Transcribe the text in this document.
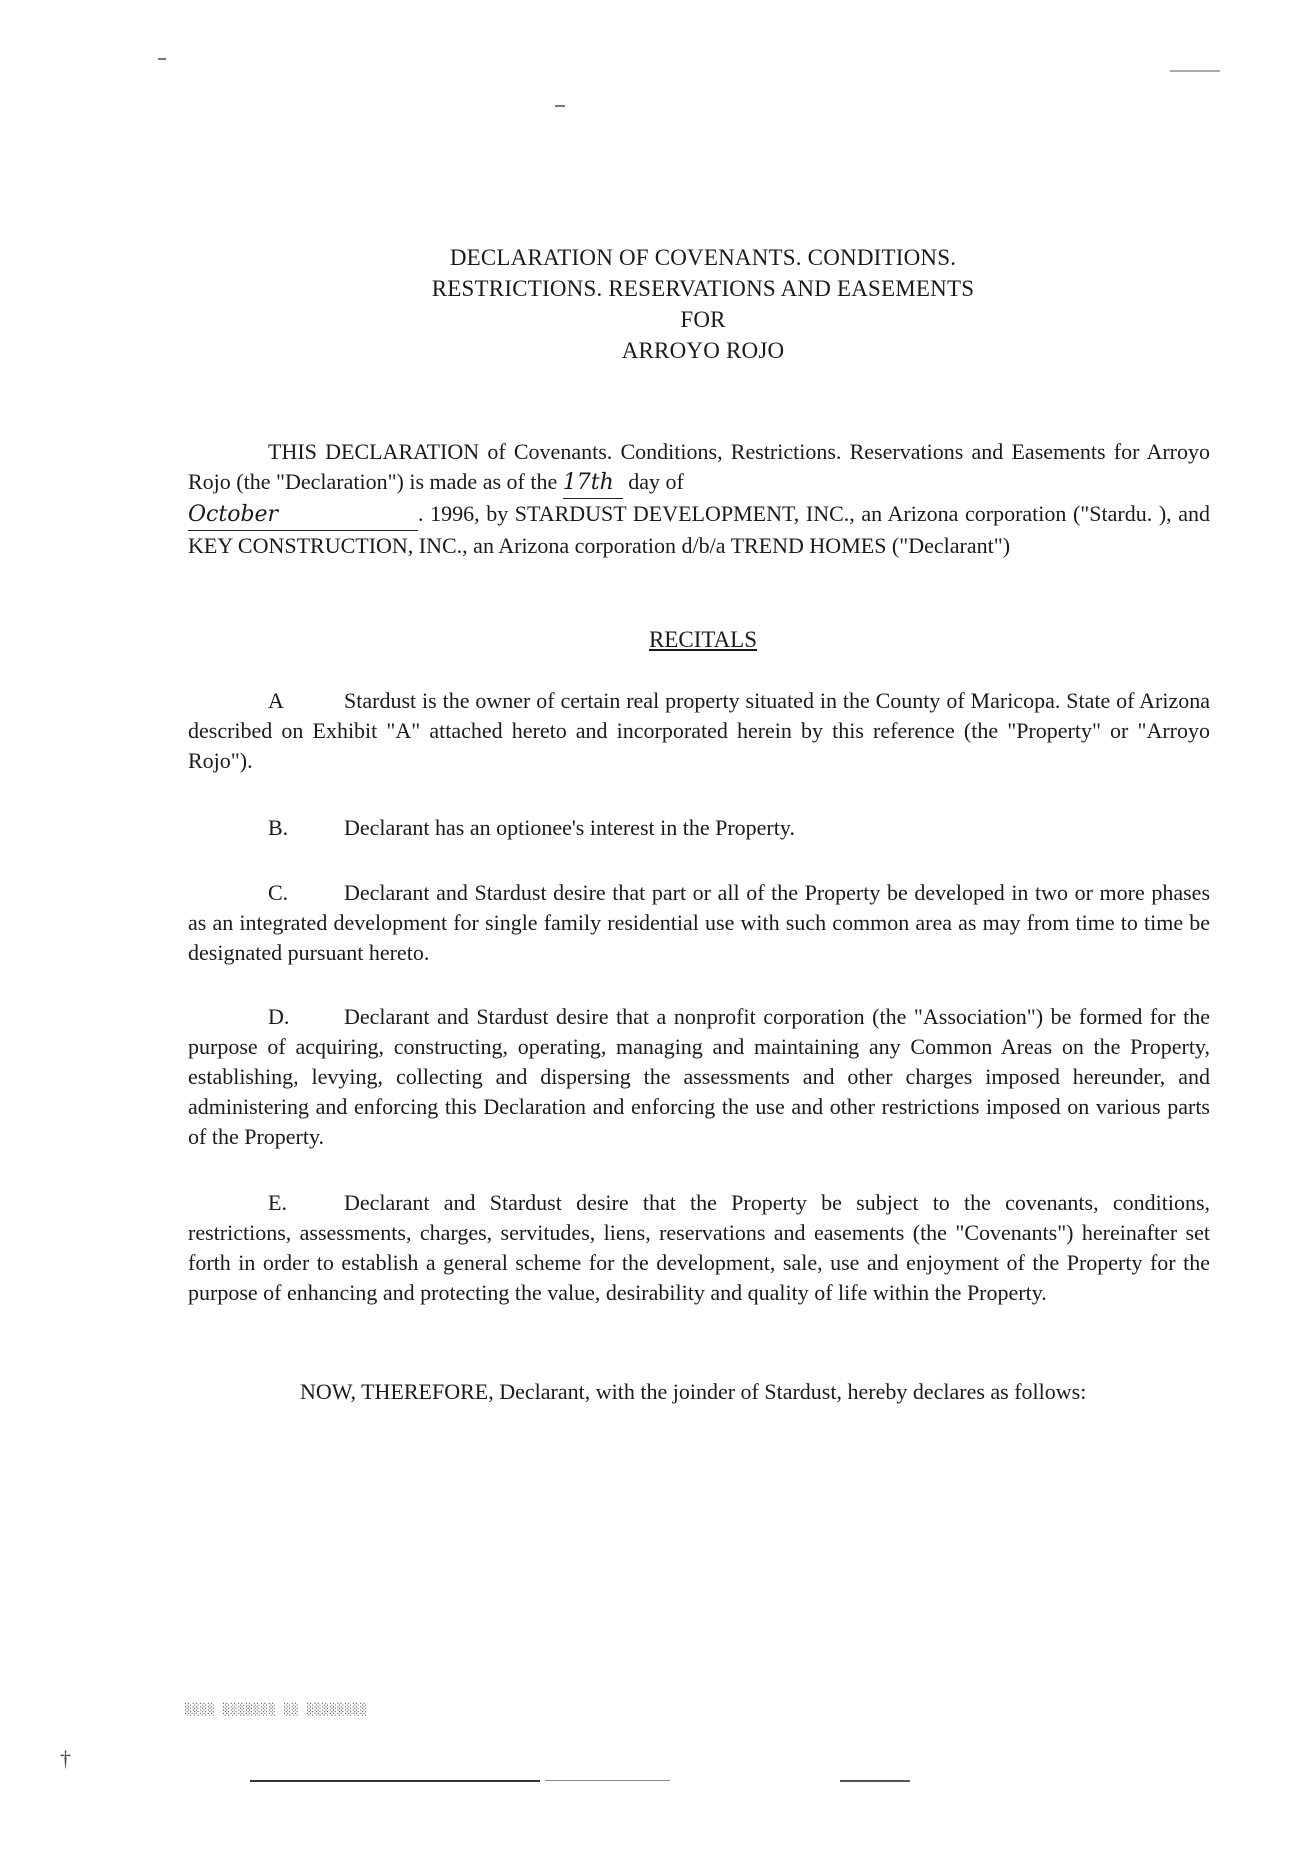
DECLARATION OF COVENANTS. CONDITIONS.
RESTRICTIONS. RESERVATIONS AND EASEMENTS
FOR
ARROYO ROJO
THIS DECLARATION of Covenants. Conditions, Restrictions. Reservations and Easements for Arroyo Rojo (the "Declaration") is made as of the 17th day of
October	. 1996, by STARDUST DEVELOPMENT, INC., an Arizona corporation ("Stardu. ), and KEY CONSTRUCTION, INC., an Arizona corporation d/b/a TREND HOMES ("Declarant")
RECITALS
A	Stardust is the owner of certain real property situated in the County of Maricopa. State of Arizona described on Exhibit "A" attached hereto and incorporated herein by this reference (the "Property" or "Arroyo Rojo").
B.	Declarant has an optionee's interest in the Property.
C.	Declarant and Stardust desire that part or all of the Property be developed in two or more phases as an integrated development for single family residential use with such common area as may from time to time be designated pursuant hereto.
D. Declarant and Stardust desire that a nonprofit corporation (the "Association") be formed for the purpose of acquiring, constructing, operating, managing and maintaining any Common Areas on the Property, establishing, levying, collecting and dispersing the assessments and other charges imposed hereunder, and administering and enforcing this Declaration and enforcing the use and other restrictions imposed on various parts of the Property.
E.	Declarant and Stardust desire that the Property be subject to the covenants, conditions, restrictions, assessments, charges, servitudes, liens, reservations and easements (the "Covenants") hereinafter set forth in order to establish a general scheme for the development, sale, use and enjoyment of the Property for the purpose of enhancing and protecting the value, desirability and quality of life within the Property.
NOW, THEREFORE, Declarant, with the joinder of Stardust, hereby declares as follows:
░░░░ ░░░░░░░ ░░ ░░░░░░░░
†
